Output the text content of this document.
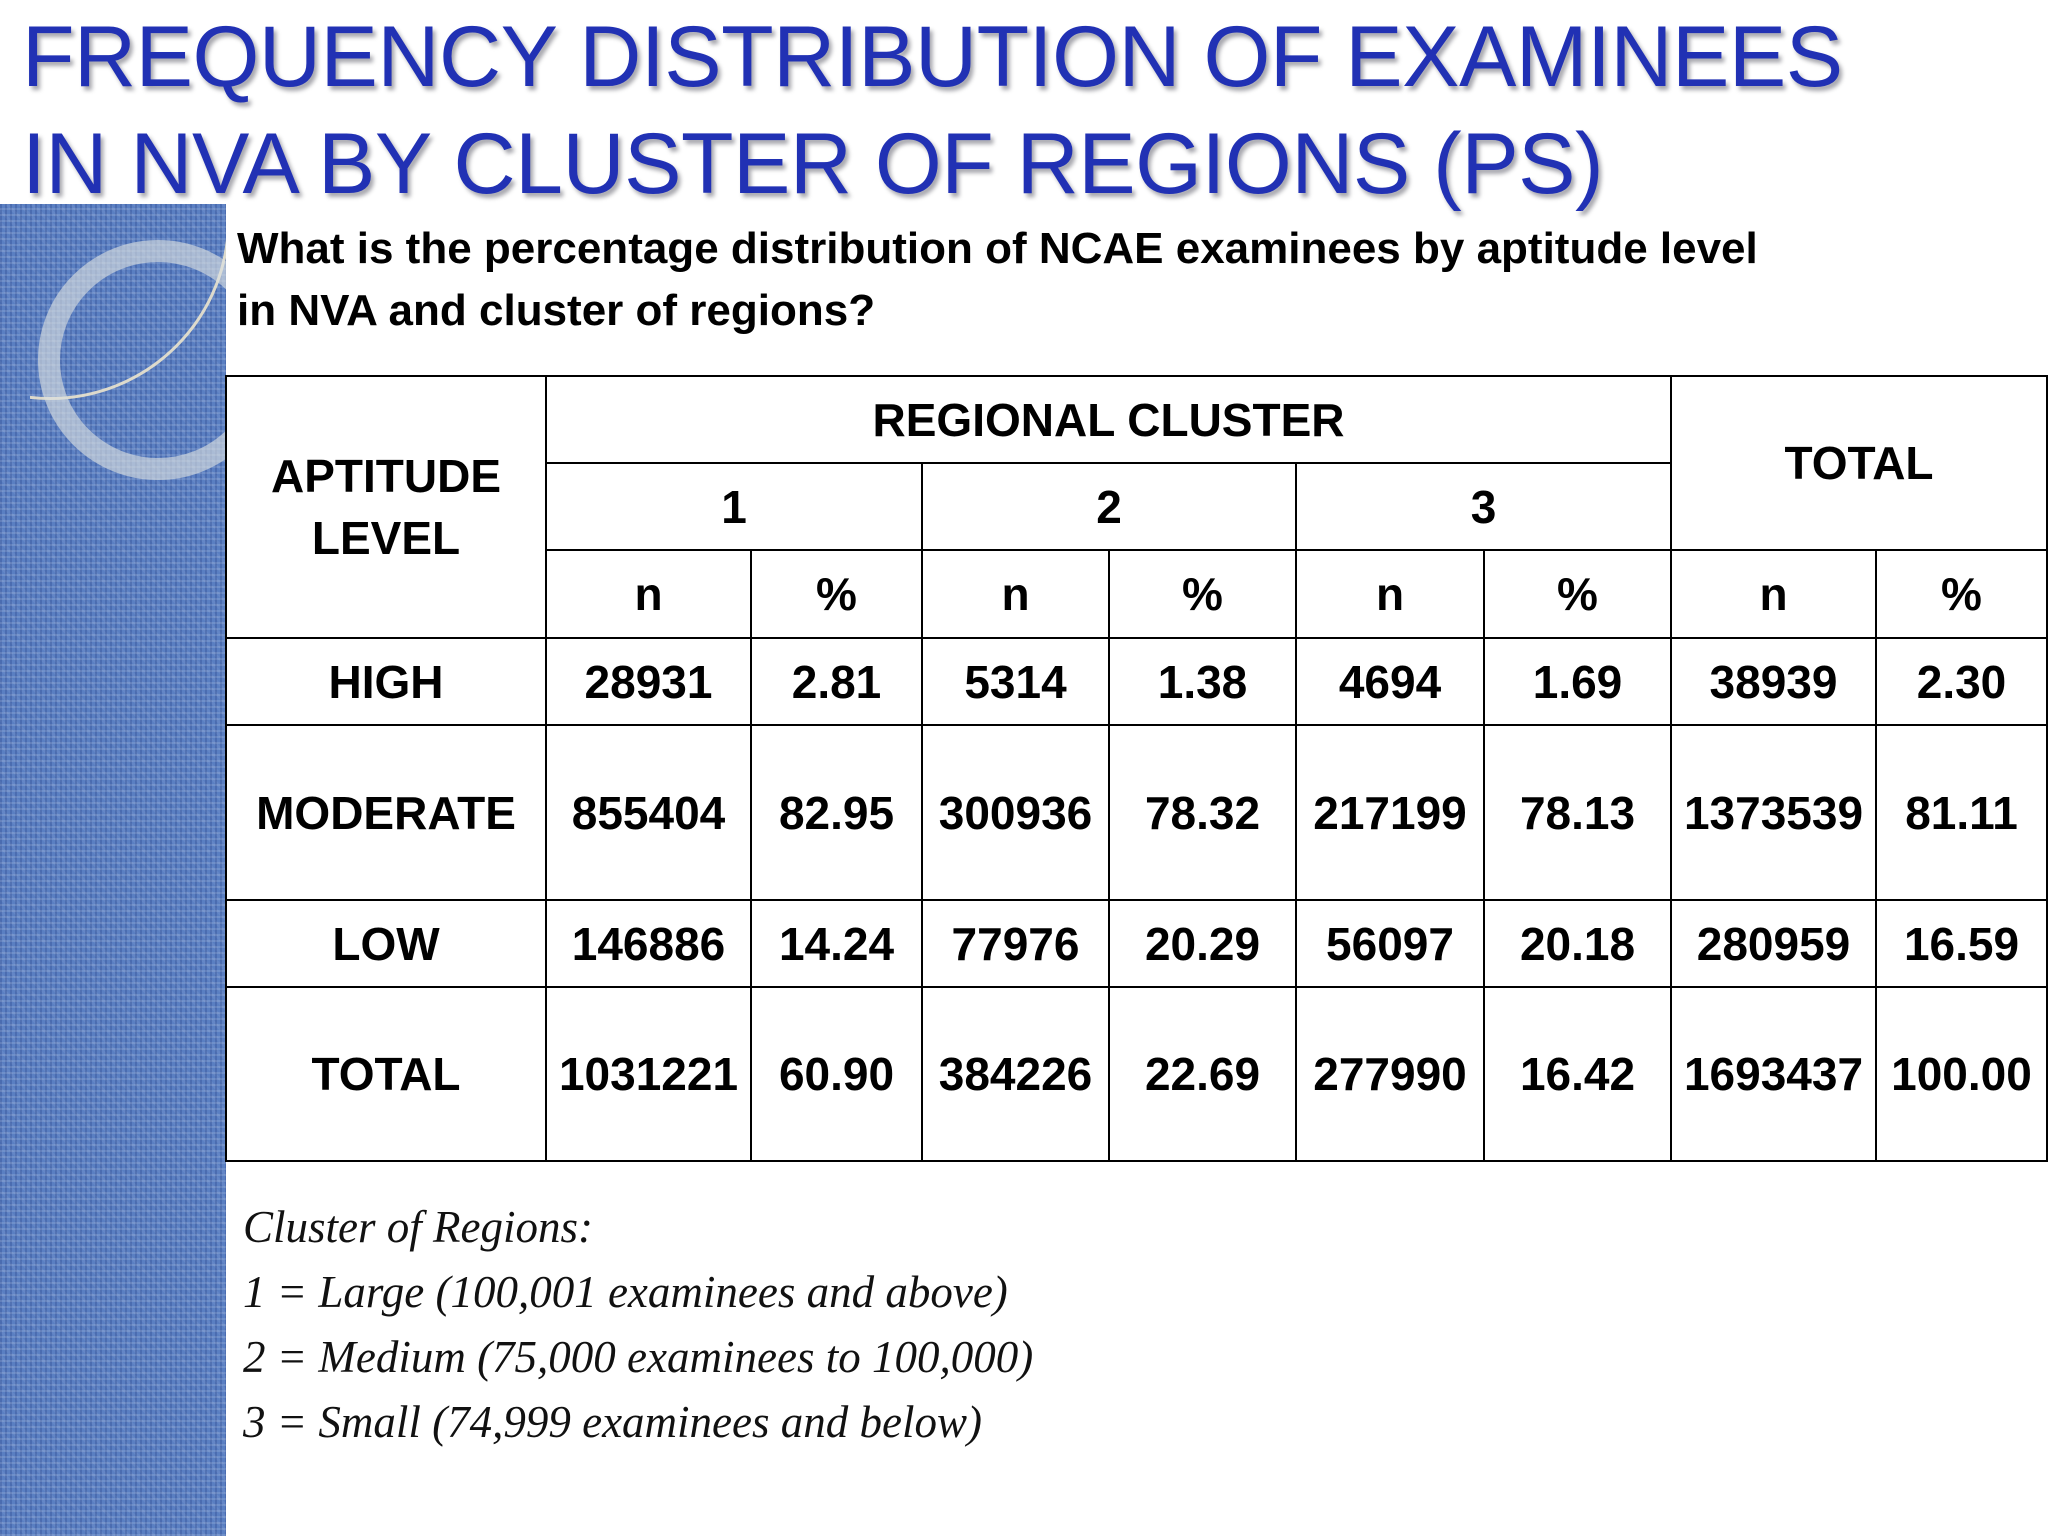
FREQUENCY DISTRIBUTION OF EXAMINEES
IN NVA BY CLUSTER OF REGIONS (PS)

What is the percentage distribution of NCAE examinees by aptitude level
in NVA and cluster of regions?

APTITUDE LEVEL	REGIONAL CLUSTER						TOTAL	
	1		2		3			
	n	%	n	%	n	%	n	%
HIGH	28931	2.81	5314	1.38	4694	1.69	38939	2.30
MODERATE	855404	82.95	300936	78.32	217199	78.13	1373539	81.11
LOW	146886	14.24	77976	20.29	56097	20.18	280959	16.59
TOTAL	1031221	60.90	384226	22.69	277990	16.42	1693437	100.00

Cluster of Regions:

1 = Large (100,001 examinees and above)

2 = Medium (75,000 examinees to 100,000)

3 = Small (74,999 examinees and below)
